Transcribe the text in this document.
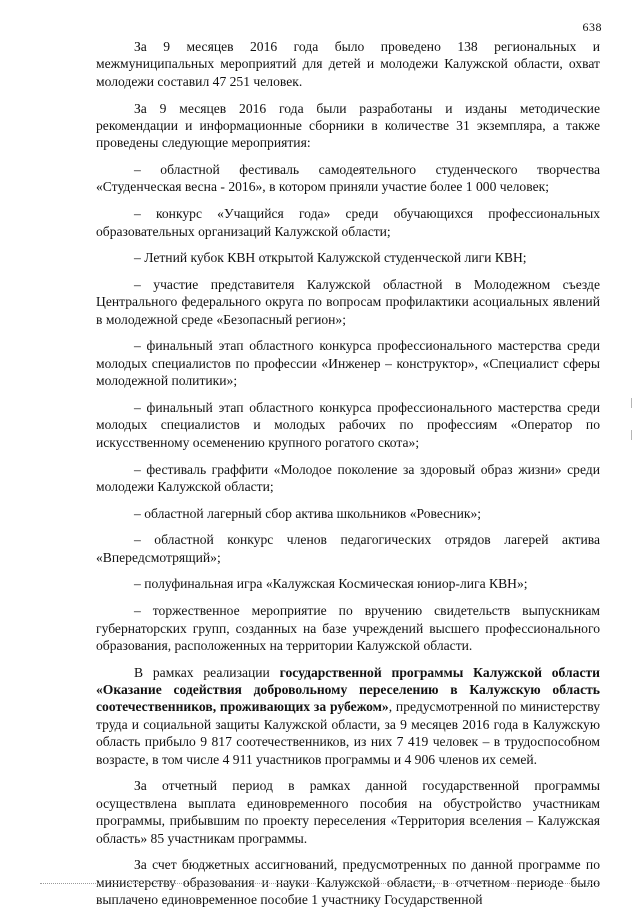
638

За 9 месяцев 2016 года было проведено 138 региональных и межмуниципальных мероприятий для детей и молодежи Калужской области, охват молодежи составил 47 251 человек.

За 9 месяцев 2016 года были разработаны и изданы методические рекомендации и информационные сборники в количестве 31 экземпляра, а также проведены следующие мероприятия:

– областной фестиваль самодеятельного студенческого творчества «Студенческая весна - 2016», в котором приняли участие более 1 000 человек;

– конкурс «Учащийся года» среди обучающихся профессиональных образовательных организаций Калужской области;

– Летний кубок КВН открытой Калужской студенческой лиги КВН;

– участие представителя Калужской областной в Молодежном съезде Центрального федерального округа по вопросам профилактики асоциальных явлений в молодежной среде «Безопасный регион»;

– финальный этап областного конкурса профессионального мастерства среди молодых специалистов по профессии «Инженер – конструктор», «Специалист сферы молодежной политики»;

– финальный этап областного конкурса профессионального мастерства среди молодых специалистов и молодых рабочих по профессиям «Оператор по искусственному осеменению крупного рогатого скота»;

– фестиваль граффити «Молодое поколение за здоровый образ жизни» среди молодежи Калужской области;

– областной лагерный сбор актива школьников «Ровесник»;

– областной конкурс членов педагогических отрядов лагерей актива «Впередсмотрящий»;

– полуфинальная игра «Калужская Космическая юниор-лига КВН»;

– торжественное мероприятие по вручению свидетельств выпускникам губернаторских групп, созданных на базе учреждений высшего профессионального образования, расположенных на территории Калужской области.

В рамках реализации государственной программы Калужской области «Оказание содействия добровольному переселению в Калужскую область соотечественников, проживающих за рубежом», предусмотренной по министерству труда и социальной защиты Калужской области, за 9 месяцев 2016 года в Калужскую область прибыло 9 817 соотечественников, из них 7 419 человек – в трудоспособном возрасте, в том числе 4 911 участников программы и 4 906 членов их семей.

За отчетный период в рамках данной государственной программы осуществлена выплата единовременного пособия на обустройство участникам программы, прибывшим по проекту переселения «Территория вселения – Калужская область» 85 участникам программы.

За счет бюджетных ассигнований, предусмотренных по данной программе по министерству образования и науки Калужской области, в отчетном периоде было выплачено единовременное пособие 1 участнику Государственной
